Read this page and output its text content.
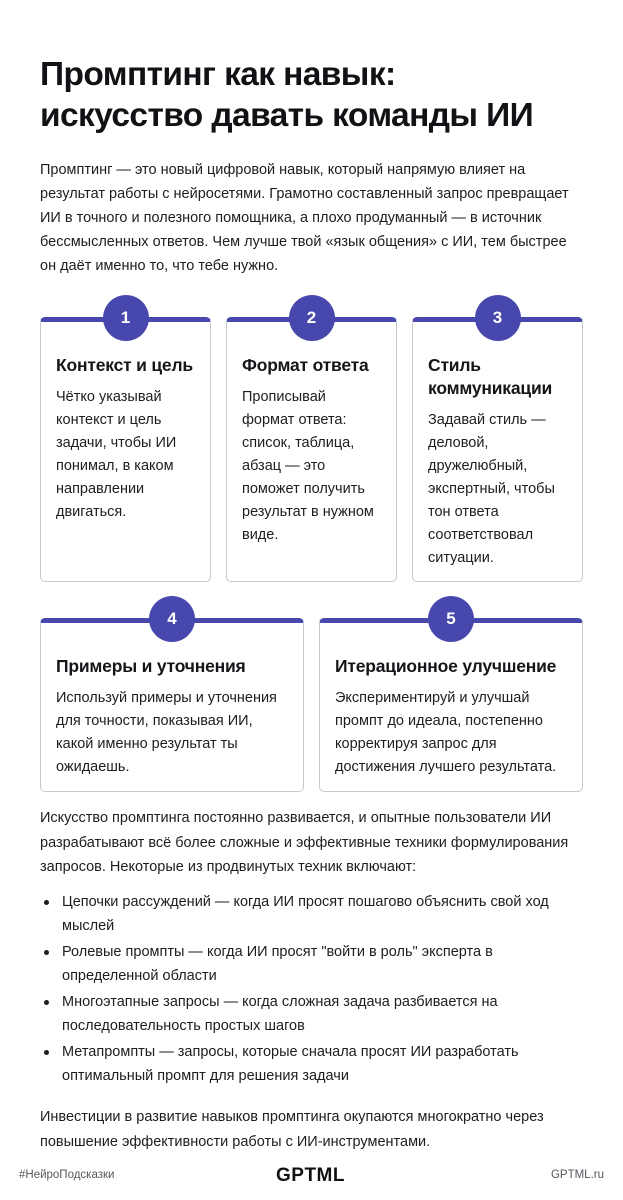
Промптинг как навык:
искусство давать команды ИИ

Промптинг — это новый цифровой навык, который напрямую влияет на результат работы с нейросетями. Грамотно составленный запрос превращает ИИ в точного и полезного помощника, а плохо продуманный — в источник бессмысленных ответов. Чем лучше твой «язык общения» с ИИ, тем быстрее он даёт именно то, что тебе нужно.

1
Контекст и цель

Чётко указывай контекст и цель задачи, чтобы ИИ понимал, в каком направлении двигаться.

2
Формат ответа

Прописывай формат ответа: список, таблица, абзац — это поможет получить результат в нужном виде.

3
Стиль коммуникации

Задавай стиль — деловой, дружелюбный, экспертный, чтобы тон ответа соответствовал ситуации.

4
Примеры и уточнения

Используй примеры и уточнения для точности, показывая ИИ, какой именно результат ты ожидаешь.

5
Итерационное улучшение

Экспериментируй и улучшай промпт до идеала, постепенно корректируя запрос для достижения лучшего результата.

Искусство промптинга постоянно развивается, и опытные пользователи ИИ разрабатывают всё более сложные и эффективные техники формулирования запросов. Некоторые из продвинутых техник включают:

Цепочки рассуждений — когда ИИ просят пошагово объяснить свой ход мыслей
Ролевые промпты — когда ИИ просят "войти в роль" эксперта в определенной области
Многоэтапные запросы — когда сложная задача разбивается на последовательность простых шагов
Метапромпты — запросы, которые сначала просят ИИ разработать оптимальный промпт для решения задачи

Инвестиции в развитие навыков промптинга окупаются многократно через повышение эффективности работы с ИИ-инструментами.

#НейроПодсказки	GPTML	GPTML.ru
